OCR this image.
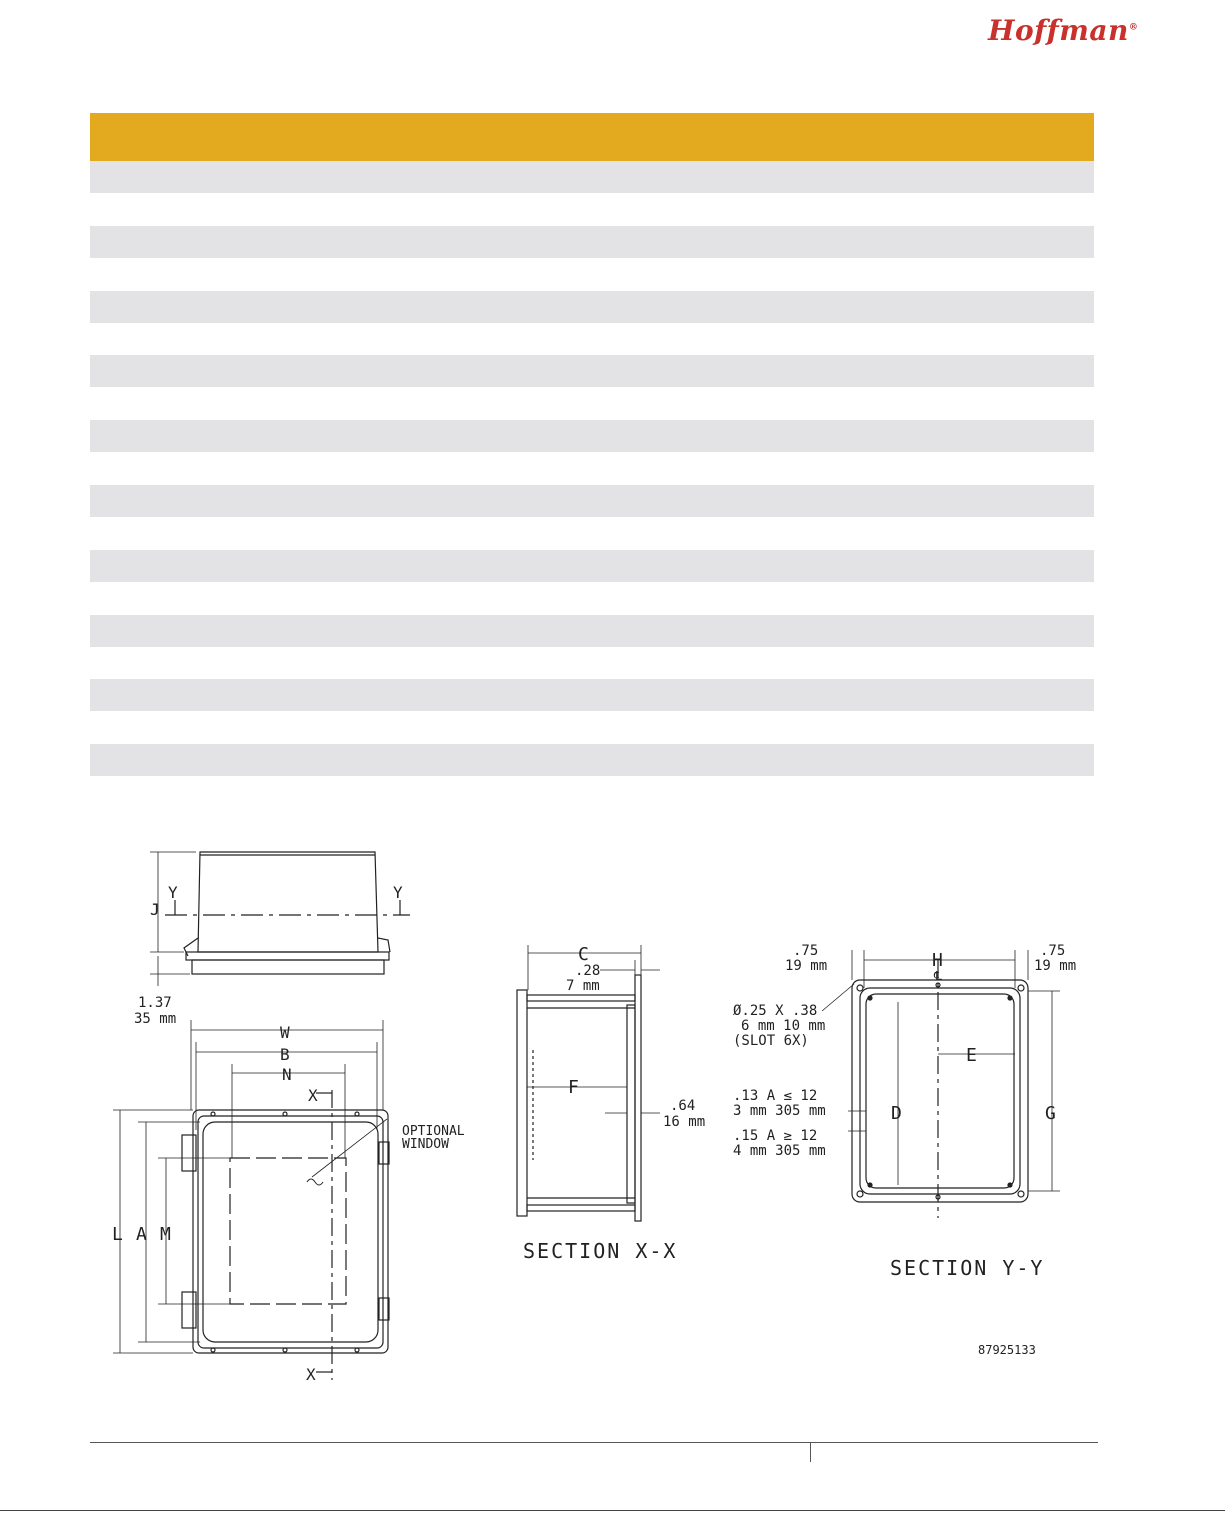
Hoffman®
J
Y	Y
1.37
35 mm
W
B
N
X
X
L A M
OPTIONAL
WINDOW
C
.28
7 mm
F
.64
16 mm
SECTION X-X
.75
19 mm	H
℄
.75
19 mm
Ø.25 X .38
6 mm 10 mm
(SLOT 6X)
E
.13 A ≤ 12
3 mm 305 mm
.15 A ≥ 12
4 mm 305 mm
D	G
SECTION Y-Y
87925133
